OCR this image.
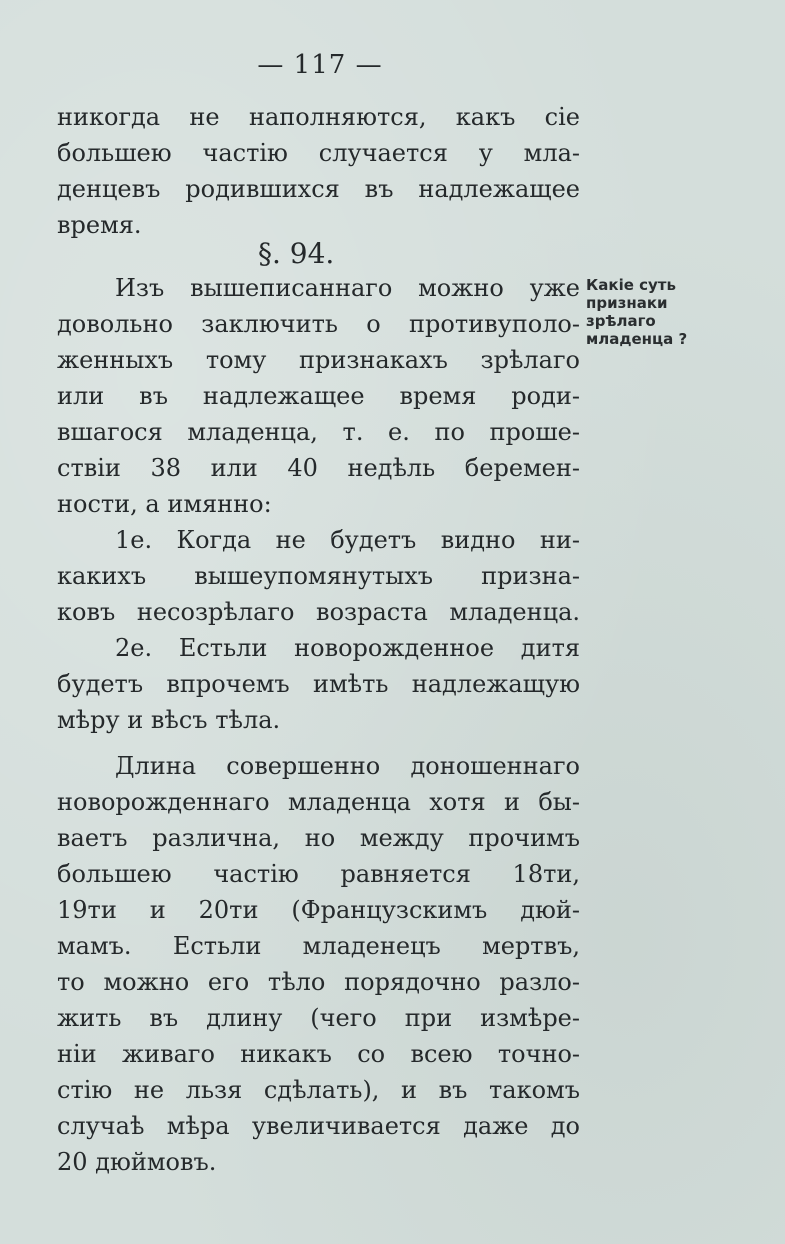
— 117 —
никогда не наполняются, какъ сie
большею частiю случается у мла-
денцевъ родившихся въ надлежащее
время.
§. 94.
Изъ вышеписаннаго можно уже
довольно заключить о противуполо-
женныхъ тому признакахъ зрѣлаго
или въ надлежащее время роди-
вшагося младенца, т. е. по проше-
ствiи 38 или 40 недѣль беремен-
ности, а имянно:
1е. Когда не будетъ видно ни-
какихъ вышеупомянутыхъ призна-
ковъ несозрѣлаго возраста младенца.
2е. Естьли новорожденное дитя
будетъ впрочемъ имѣть надлежащую
мѣру и вѣсъ тѣла.
Длина совершенно доношеннаго
новорожденнаго младенца хотя и бы-
ваетъ различна, но между прочимъ
большею частiю равняется 18ти,
19ти и 20ти (Французскимъ дюй-
мамъ. Естьли младенецъ мертвъ,
то можно его тѣло порядочно разло-
жить въ длину (чего при измѣре-
нiи живаго никакъ со всею точно-
стiю не льзя сдѣлать), и въ такомъ
случаѣ мѣра увеличивается даже до
20 дюймовъ.
Какie суть
признаки
зрѣлаго
младенца ?
